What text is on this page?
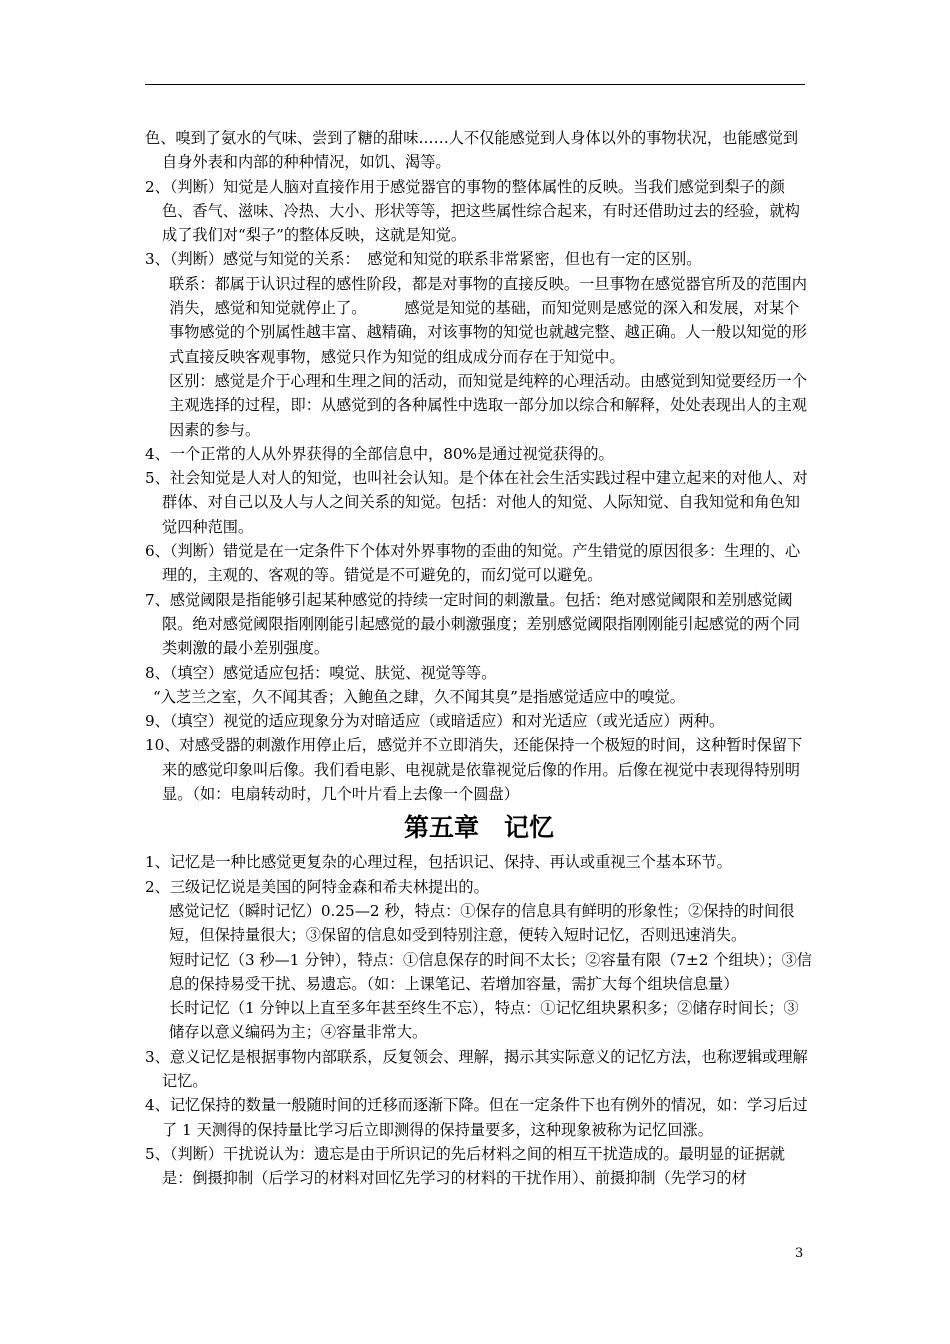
色、嗅到了氨水的气味、尝到了糖的甜味……人不仅能感觉到人身体以外的事物状况，也能感觉到自身外表和内部的种种情况，如饥、渴等。
2、（判断）知觉是人脑对直接作用于感觉器官的事物的整体属性的反映。当我们感觉到梨子的颜色、香气、滋味、冷热、大小、形状等等，把这些属性综合起来，有时还借助过去的经验，就构成了我们对“梨子”的整体反映，这就是知觉。
3、（判断）感觉与知觉的关系：　感觉和知觉的联系非常紧密，但也有一定的区别。
联系：都属于认识过程的感性阶段，都是对事物的直接反映。一旦事物在感觉器官所及的范围内消失，感觉和知觉就停止了。　　　感觉是知觉的基础，而知觉则是感觉的深入和发展，对某个事物感觉的个别属性越丰富、越精确，对该事物的知觉也就越完整、越正确。人一般以知觉的形式直接反映客观事物，感觉只作为知觉的组成成分而存在于知觉中。
区别：感觉是介于心理和生理之间的活动，而知觉是纯粹的心理活动。由感觉到知觉要经历一个主观选择的过程，即：从感觉到的各种属性中选取一部分加以综合和解释，处处表现出人的主观因素的参与。
4、一个正常的人从外界获得的全部信息中，80%是通过视觉获得的。
5、社会知觉是人对人的知觉，也叫社会认知。是个体在社会生活实践过程中建立起来的对他人、对群体、对自己以及人与人之间关系的知觉。包括：对他人的知觉、人际知觉、自我知觉和角色知觉四种范围。
6、（判断）错觉是在一定条件下个体对外界事物的歪曲的知觉。产生错觉的原因很多：生理的、心理的，主观的、客观的等。错觉是不可避免的，而幻觉可以避免。
7、感觉阈限是指能够引起某种感觉的持续一定时间的刺激量。包括：绝对感觉阈限和差别感觉阈限。绝对感觉阈限指刚刚能引起感觉的最小刺激强度；差别感觉阈限指刚刚能引起感觉的两个同类刺激的最小差别强度。
8、（填空）感觉适应包括：嗅觉、肤觉、视觉等等。
“入芝兰之室，久不闻其香；入鲍鱼之肆，久不闻其臭”是指感觉适应中的嗅觉。
9、（填空）视觉的适应现象分为对暗适应（或暗适应）和对光适应（或光适应）两种。
10、对感受器的刺激作用停止后，感觉并不立即消失，还能保持一个极短的时间，这种暂时保留下来的感觉印象叫后像。我们看电影、电视就是依靠视觉后像的作用。后像在视觉中表现得特别明显。（如：电扇转动时，几个叶片看上去像一个圆盘）
第五章　记忆
1、记忆是一种比感觉更复杂的心理过程，包括识记、保持、再认或重视三个基本环节。
2、三级记忆说是美国的阿特金森和希夫林提出的。
感觉记忆（瞬时记忆）0.25—2 秒，特点：①保存的信息具有鲜明的形象性；②保持的时间很短，但保持量很大；③保留的信息如受到特别注意，便转入短时记忆，否则迅速消失。
短时记忆（3 秒—1 分钟），特点：①信息保存的时间不太长；②容量有限（7±2 个组块）；③信息的保持易受干扰、易遗忘。（如：上课笔记、若增加容量，需扩大每个组块信息量）
长时记忆（1 分钟以上直至多年甚至终生不忘），特点：①记忆组块累积多；②储存时间长；③储存以意义编码为主；④容量非常大。
3、意义记忆是根据事物内部联系，反复领会、理解，揭示其实际意义的记忆方法，也称逻辑或理解记忆。
4、记忆保持的数量一般随时间的迁移而逐渐下降。但在一定条件下也有例外的情况，如：学习后过了 1 天测得的保持量比学习后立即测得的保持量要多，这种现象被称为记忆回涨。
5、（判断）干扰说认为：遗忘是由于所识记的先后材料之间的相互干扰造成的。最明显的证据就是：倒摄抑制（后学习的材料对回忆先学习的材料的干扰作用）、前摄抑制（先学习的材
3
